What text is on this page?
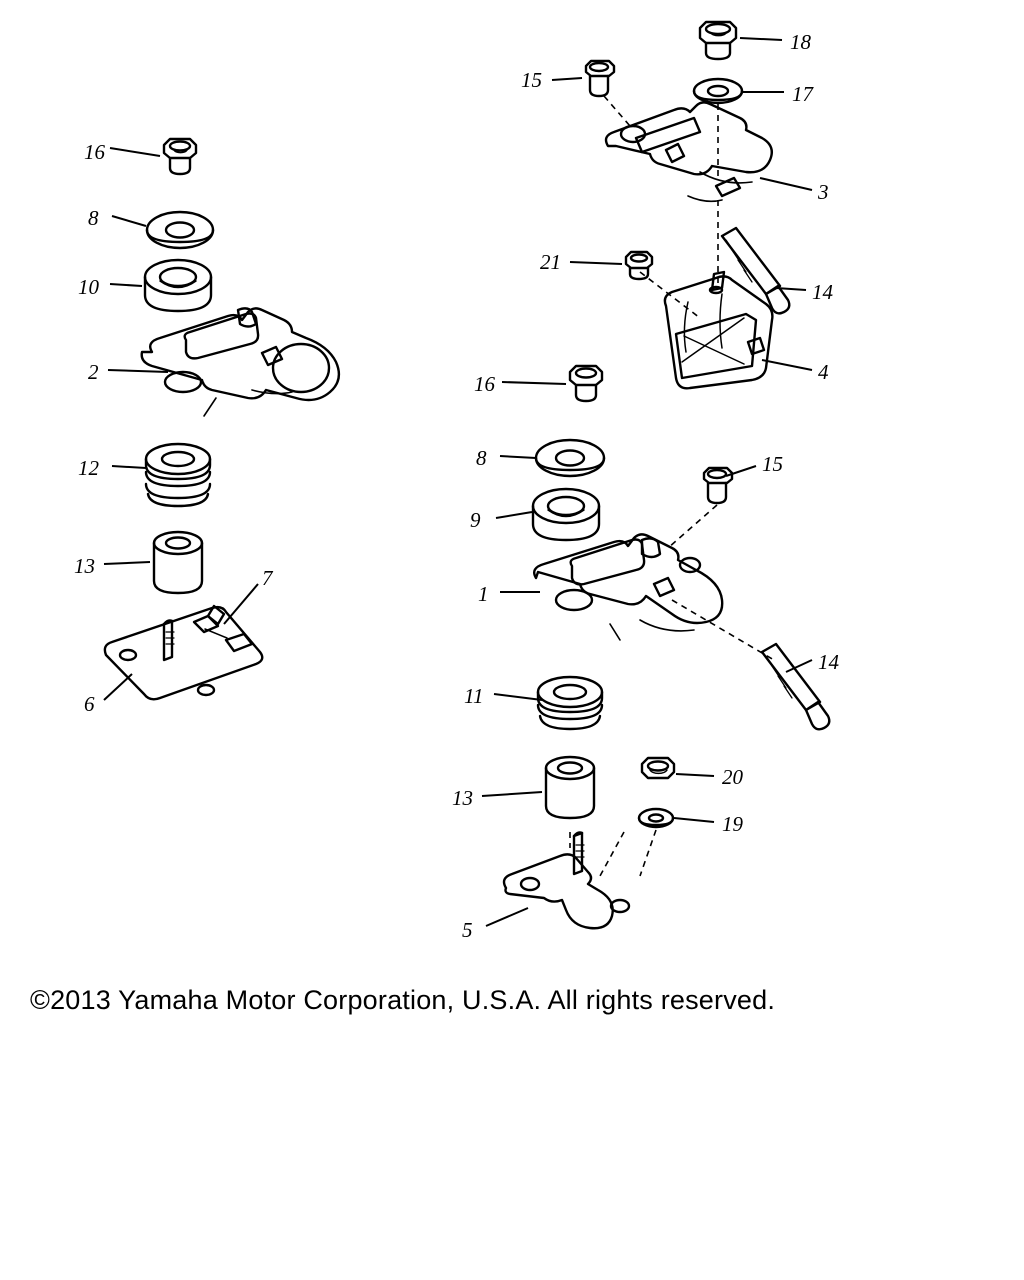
16
8
10
2
12
13	7
6
15
18
17
3
21
14
4
16
8
9
15
1
14
11
13
20
19
5
©2013 Yamaha Motor Corporation, U.S.A. All rights reserved.
